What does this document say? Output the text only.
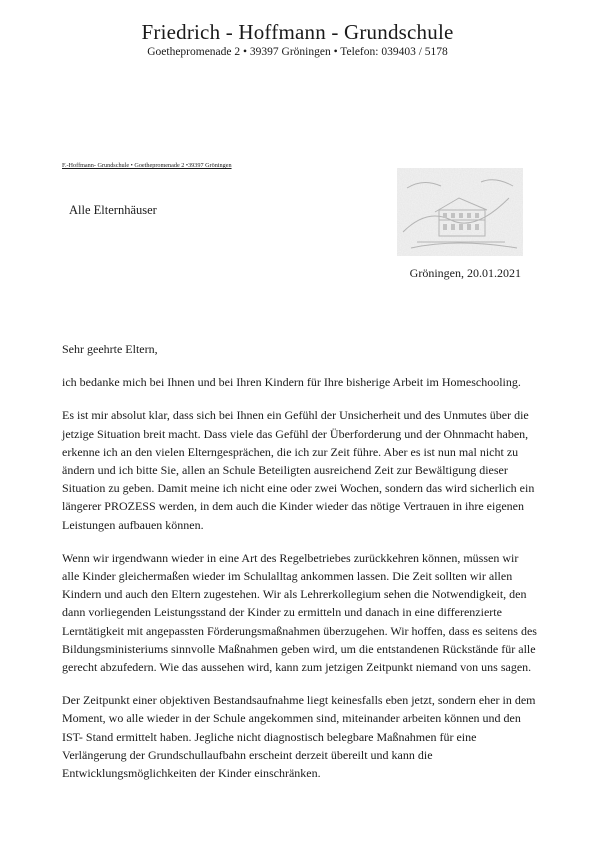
Friedrich - Hoffmann - Grundschule
Goethepromenade 2 • 39397 Gröningen • Telefon: 039403 / 5178
F.-Hoffmann- Grundschule • Goethepromenade 2 •39397 Gröningen
Alle Elternhäuser
Gröningen, 20.01.2021

Sehr geehrte Eltern,

ich bedanke mich bei Ihnen und bei Ihren Kindern für Ihre bisherige Arbeit im Homeschooling.

Es ist mir absolut klar, dass sich bei Ihnen ein Gefühl der Unsicherheit und des Unmutes über die jetzige Situation breit macht. Dass viele das Gefühl der Überforderung und der Ohnmacht haben, erkenne ich an den vielen Elterngesprächen, die ich zur Zeit führe. Aber es ist nun mal nicht zu ändern und ich bitte Sie, allen an Schule Beteiligten ausreichend Zeit zur Bewältigung dieser Situation zu geben. Damit meine ich nicht eine oder zwei Wochen, sondern das wird sicherlich ein längerer PROZESS werden, in dem auch die Kinder wieder das nötige Vertrauen in ihre eigenen Leistungen aufbauen können.

Wenn wir irgendwann wieder in eine Art des Regelbetriebes zurückkehren können, müssen wir alle Kinder gleichermaßen wieder im Schulalltag ankommen lassen. Die Zeit sollten wir allen Kindern und auch den Eltern zugestehen. Wir als Lehrerkollegium sehen die Notwendigkeit, den dann vorliegenden Leistungsstand der Kinder zu ermitteln und danach in eine differenzierte Lerntätigkeit mit angepassten Förderungsmaßnahmen überzugehen. Wir hoffen, dass es seitens des Bildungsministeriums sinnvolle Maßnahmen geben wird, um die entstandenen Rückstände für alle gerecht abzufedern. Wie das aussehen wird, kann zum jetzigen Zeitpunkt niemand von uns sagen.

Der Zeitpunkt einer objektiven Bestandsaufnahme liegt keinesfalls eben jetzt, sondern eher in dem Moment, wo alle wieder in der Schule angekommen sind, miteinander arbeiten können und den IST- Stand ermittelt haben. Jegliche nicht diagnostisch belegbare Maßnahmen für eine Verlängerung der Grundschullaufbahn erscheint derzeit übereilt und kann die Entwicklungsmöglichkeiten der Kinder einschränken.
